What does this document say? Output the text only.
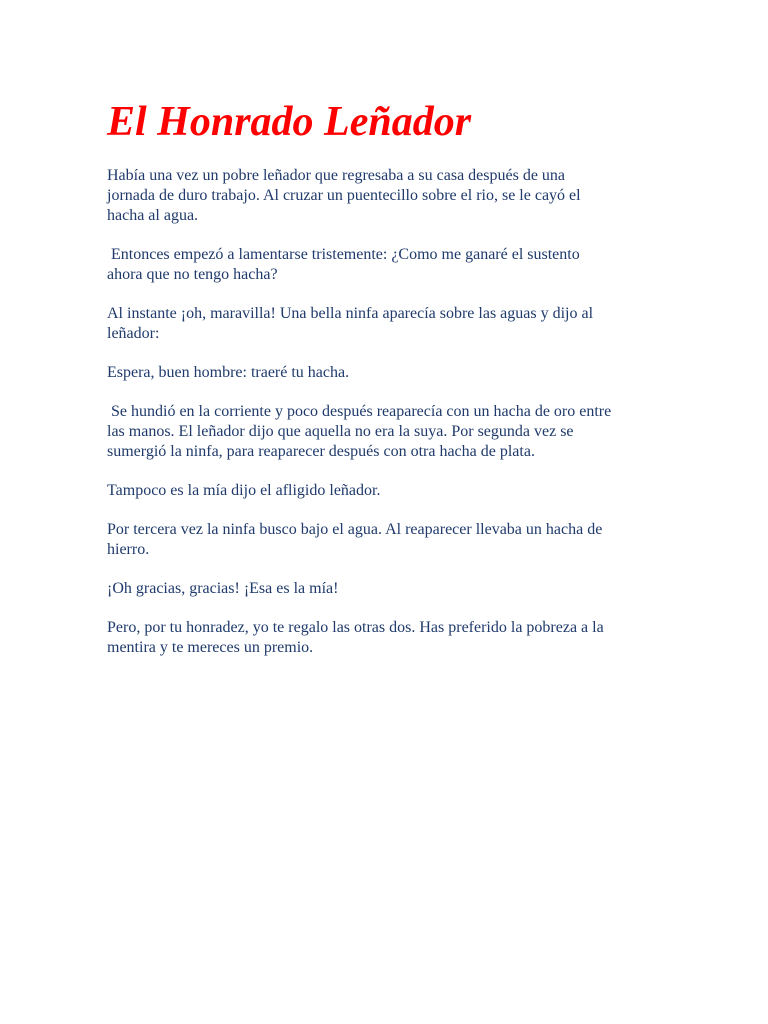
El Honrado Leñador

Había una vez un pobre leñador que regresaba a su casa después de una
jornada de duro trabajo. Al cruzar un puentecillo sobre el rio, se le cayó el
hacha al agua.

Entonces empezó a lamentarse tristemente: ¿Como me ganaré el sustento
ahora que no tengo hacha?

Al instante ¡oh, maravilla! Una bella ninfa aparecía sobre las aguas y dijo al
leñador:

Espera, buen hombre: traeré tu hacha.

Se hundió en la corriente y poco después reaparecía con un hacha de oro entre
las manos. El leñador dijo que aquella no era la suya. Por segunda vez se
sumergió la ninfa, para reaparecer después con otra hacha de plata.

Tampoco es la mía dijo el afligido leñador.

Por tercera vez la ninfa busco bajo el agua. Al reaparecer llevaba un hacha de
hierro.

¡Oh gracias, gracias! ¡Esa es la mía!

Pero, por tu honradez, yo te regalo las otras dos. Has preferido la pobreza a la
mentira y te mereces un premio.
